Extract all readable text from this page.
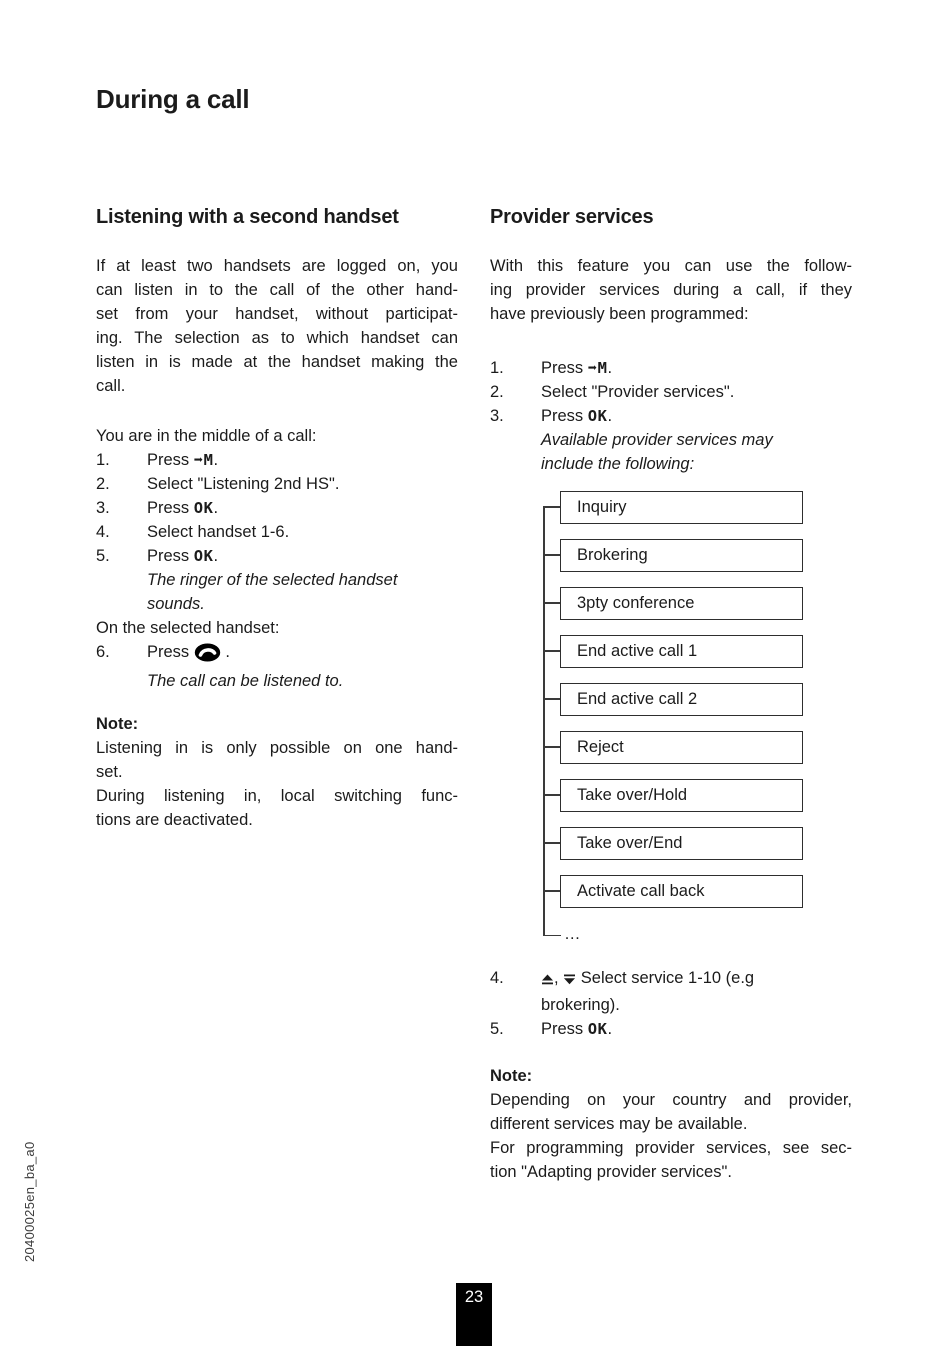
During a call
Listening with a second handset
If at least two handsets are logged on, you
can listen in to the call of the other hand-
set from your handset, without participat-
ing. The selection as to which handset can
listen in is made at the handset making the
call.
You are in the middle of a call:
1. Press ➡M.
2. Select "Listening 2nd HS".
3. Press OK.
4. Select handset 1-6.
5. Press OK.
The ringer of the selected handset
sounds.
On the selected handset:
6. Press  .
The call can be listened to.
Note:
Listening in is only possible on one hand-
set.
During listening in, local switching func-
tions are deactivated.
Provider services
With this feature you can use the follow-
ing provider services during a call, if they
have previously been programmed:
1. Press ➡M.
2. Select "Provider services".
3. Press OK.
Available provider services may
include the following:
Inquiry
Brokering
3pty conference
End active call 1
End active call 2
Reject
Take over/Hold
Take over/End
Activate call back
…
4.	,  Select service 1-10 (e.g
brokering).
5. Press OK.
Note:
Depending on your country and provider,
different services may be available.
For programming provider services, see sec-
tion "Adapting provider services".
20400025en_ba_a0
23
